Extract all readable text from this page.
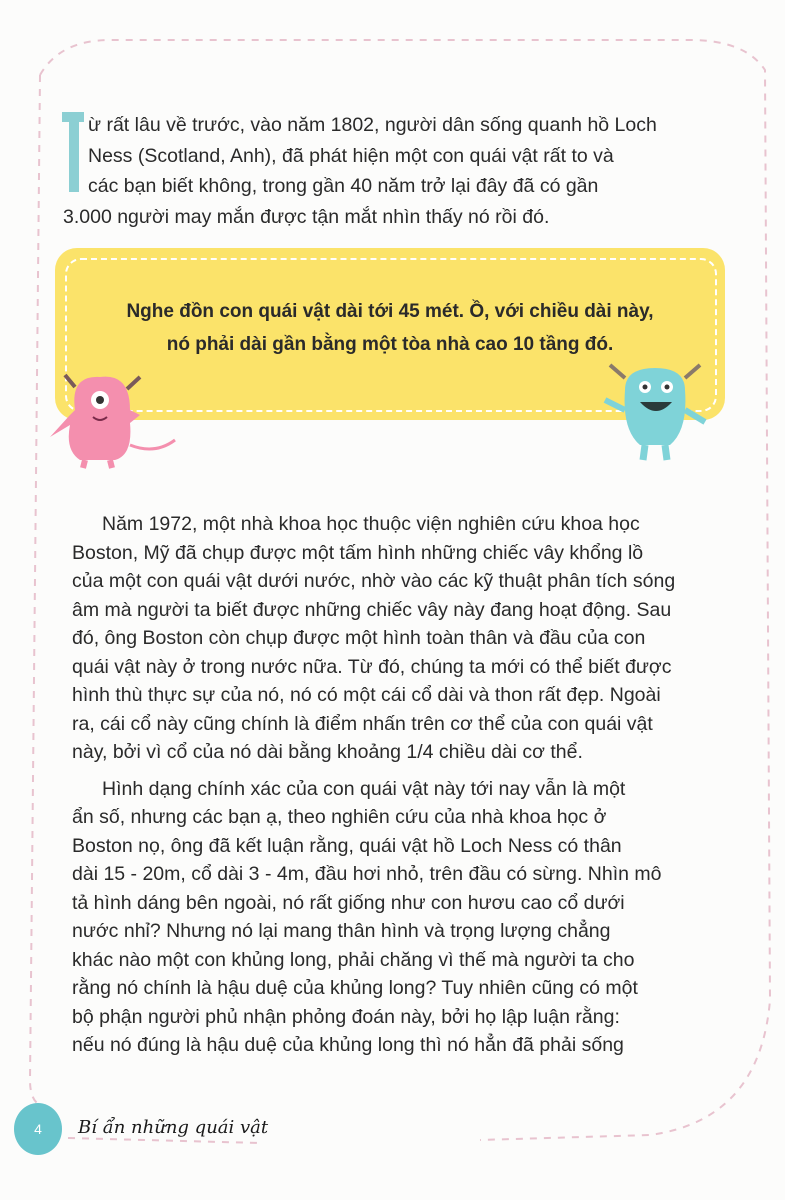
ừ rất lâu về trước, vào năm 1802, người dân sống quanh hồ Loch
Ness (Scotland, Anh), đã phát hiện một con quái vật rất to và
các bạn biết không, trong gần 40 năm trở lại đây đã có gần
3.000 người may mắn được tận mắt nhìn thấy nó rồi đó.
Nghe đồn con quái vật dài tới 45 mét. Ồ, với chiều dài này,
nó phải dài gần bằng một tòa nhà cao 10 tầng đó.
Năm 1972, một nhà khoa học thuộc viện nghiên cứu khoa học
Boston, Mỹ đã chụp được một tấm hình những chiếc vây khổng lồ
của một con quái vật dưới nước, nhờ vào các kỹ thuật phân tích sóng
âm mà người ta biết được những chiếc vây này đang hoạt động. Sau
đó, ông Boston còn chụp được một hình toàn thân và đầu của con
quái vật này ở trong nước nữa. Từ đó, chúng ta mới có thể biết được
hình thù thực sự của nó, nó có một cái cổ dài và thon rất đẹp. Ngoài
ra, cái cổ này cũng chính là điểm nhấn trên cơ thể của con quái vật
này, bởi vì cổ của nó dài bằng khoảng 1/4 chiều dài cơ thể.
Hình dạng chính xác của con quái vật này tới nay vẫn là một
ẩn số, nhưng các bạn ạ, theo nghiên cứu của nhà khoa học ở
Boston nọ, ông đã kết luận rằng, quái vật hồ Loch Ness có thân
dài 15 - 20m, cổ dài 3 - 4m, đầu hơi nhỏ, trên đầu có sừng. Nhìn mô
tả hình dáng bên ngoài, nó rất giống như con hươu cao cổ dưới
nước nhỉ? Nhưng nó lại mang thân hình và trọng lượng chẳng
khác nào một con khủng long, phải chăng vì thế mà người ta cho
rằng nó chính là hậu duệ của khủng long? Tuy nhiên cũng có một
bộ phận người phủ nhận phỏng đoán này, bởi họ lập luận rằng:
nếu nó đúng là hậu duệ của khủng long thì nó hẳn đã phải sống
4	Bí ẩn những quái vật
